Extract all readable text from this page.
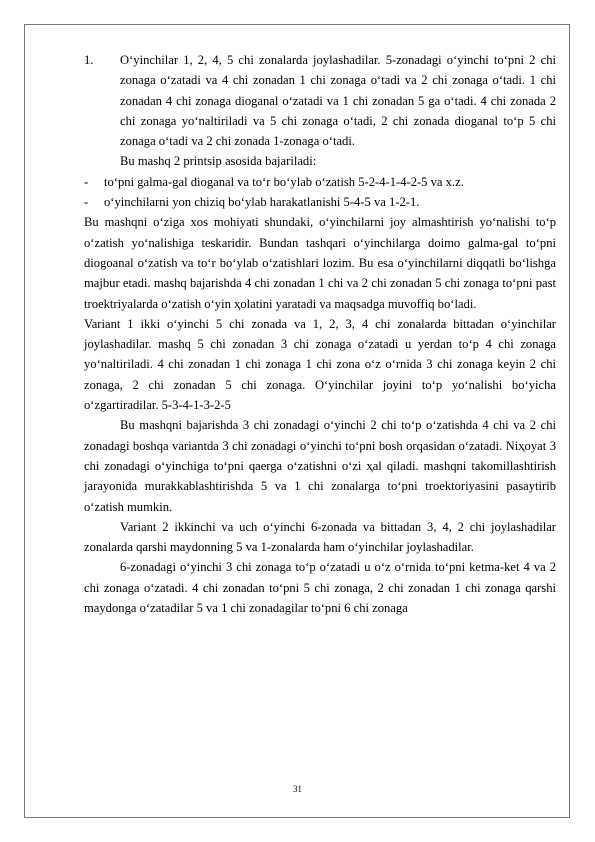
1.	O‘yinchilar 1, 2, 4, 5 chi zonalarda joylashadilar. 5-zonadagi o‘yinchi to‘pni 2 chi zonaga o‘zatadi va 4 chi zonadan 1 chi zonaga o‘tadi va 2 chi zonaga o‘tadi. 1 chi zonadan 4 chi zonaga dioganal o‘zatadi va 1 chi zonadan 5 ga o‘tadi. 4 chi zonada 2 chi zonaga yo‘naltiriladi va 5 chi zonaga o‘tadi, 2 chi zonada dioganal to‘p 5 chi zonaga o‘tadi va 2 chi zonada 1-zonaga o‘tadi.

Bu mashq 2 printsip asosida bajariladi:

-	to‘pni galma-gal dioganal va to‘r bo‘ylab o‘zatish 5-2-4-1-4-2-5 va x.z.
-	o‘yinchilarni yon chiziq bo‘ylab harakatlanishi 5-4-5 va 1-2-1.

Bu mashqni o‘ziga xos mohiyati shundaki, o‘yinchilarni joy almashtirish yo‘nalishi to‘p o‘zatish yo‘nalishiga teskaridir. Bundan tashqari o‘yinchilarga doimo galma-gal to‘pni diogoanal o‘zatish va to‘r bo‘ylab o‘zatishlari lozim. Bu esa o‘yinchilarni diqqatli bo‘lishga majbur etadi. mashq bajarishda 4 chi zonadan 1 chi va 2 chi zonadan 5 chi zonaga to‘pni past troektriyalarda o‘zatish o‘yin ҳolatini yaratadi va maqsadga muvoffiq bo‘ladi.

Variant 1 ikki o‘yinchi 5 chi zonada va 1, 2, 3, 4 chi zonalarda bittadan o‘yinchilar joylashadilar. mashq 5 chi zonadan 3 chi zonaga o‘zatadi u yerdan to‘p 4 chi zonaga yo‘naltiriladi. 4 chi zonadan 1 chi zonaga 1 chi zona o‘z o‘rnida 3 chi zonaga keyin 2 chi zonaga, 2 chi zonadan 5 chi zonaga. O‘yinchilar joyini to‘p yo‘nalishi bo‘yicha o‘zgartiradilar. 5-3-4-1-3-2-5

Bu mashqni bajarishda 3 chi zonadagi o‘yinchi 2 chi to‘p o‘zatishda 4 chi va 2 chi zonadagi boshqa variantda 3 chi zonadagi o‘yinchi to‘pni bosh orqasidan o‘zatadi. Niҳoyat 3 chi zonadagi o‘yinchiga to‘pni qaerga o‘zatishni o‘zi ҳal qiladi. mashqni takomillashtirish jarayonida murakkablashtirishda 5 va 1 chi zonalarga to‘pni troektoriyasini pasaytirib o‘zatish mumkin.

Variant 2 ikkinchi va uch o‘yinchi 6-zonada va bittadan 3, 4, 2 chi joylashadilar zonalarda qarshi maydonning 5 va 1-zonalarda ham o‘yinchilar joylashadilar.

6-zonadagi o‘yinchi 3 chi zonaga to‘p o‘zatadi u o‘z o‘rnida to‘pni ketma-ket 4 va 2 chi zonaga o‘zatadi. 4 chi zonadan to‘pni 5 chi zonaga, 2 chi zonadan 1 chi zonaga qarshi maydonga o‘zatadilar 5 va 1 chi zonadagilar to‘pni 6 chi zonaga

31
